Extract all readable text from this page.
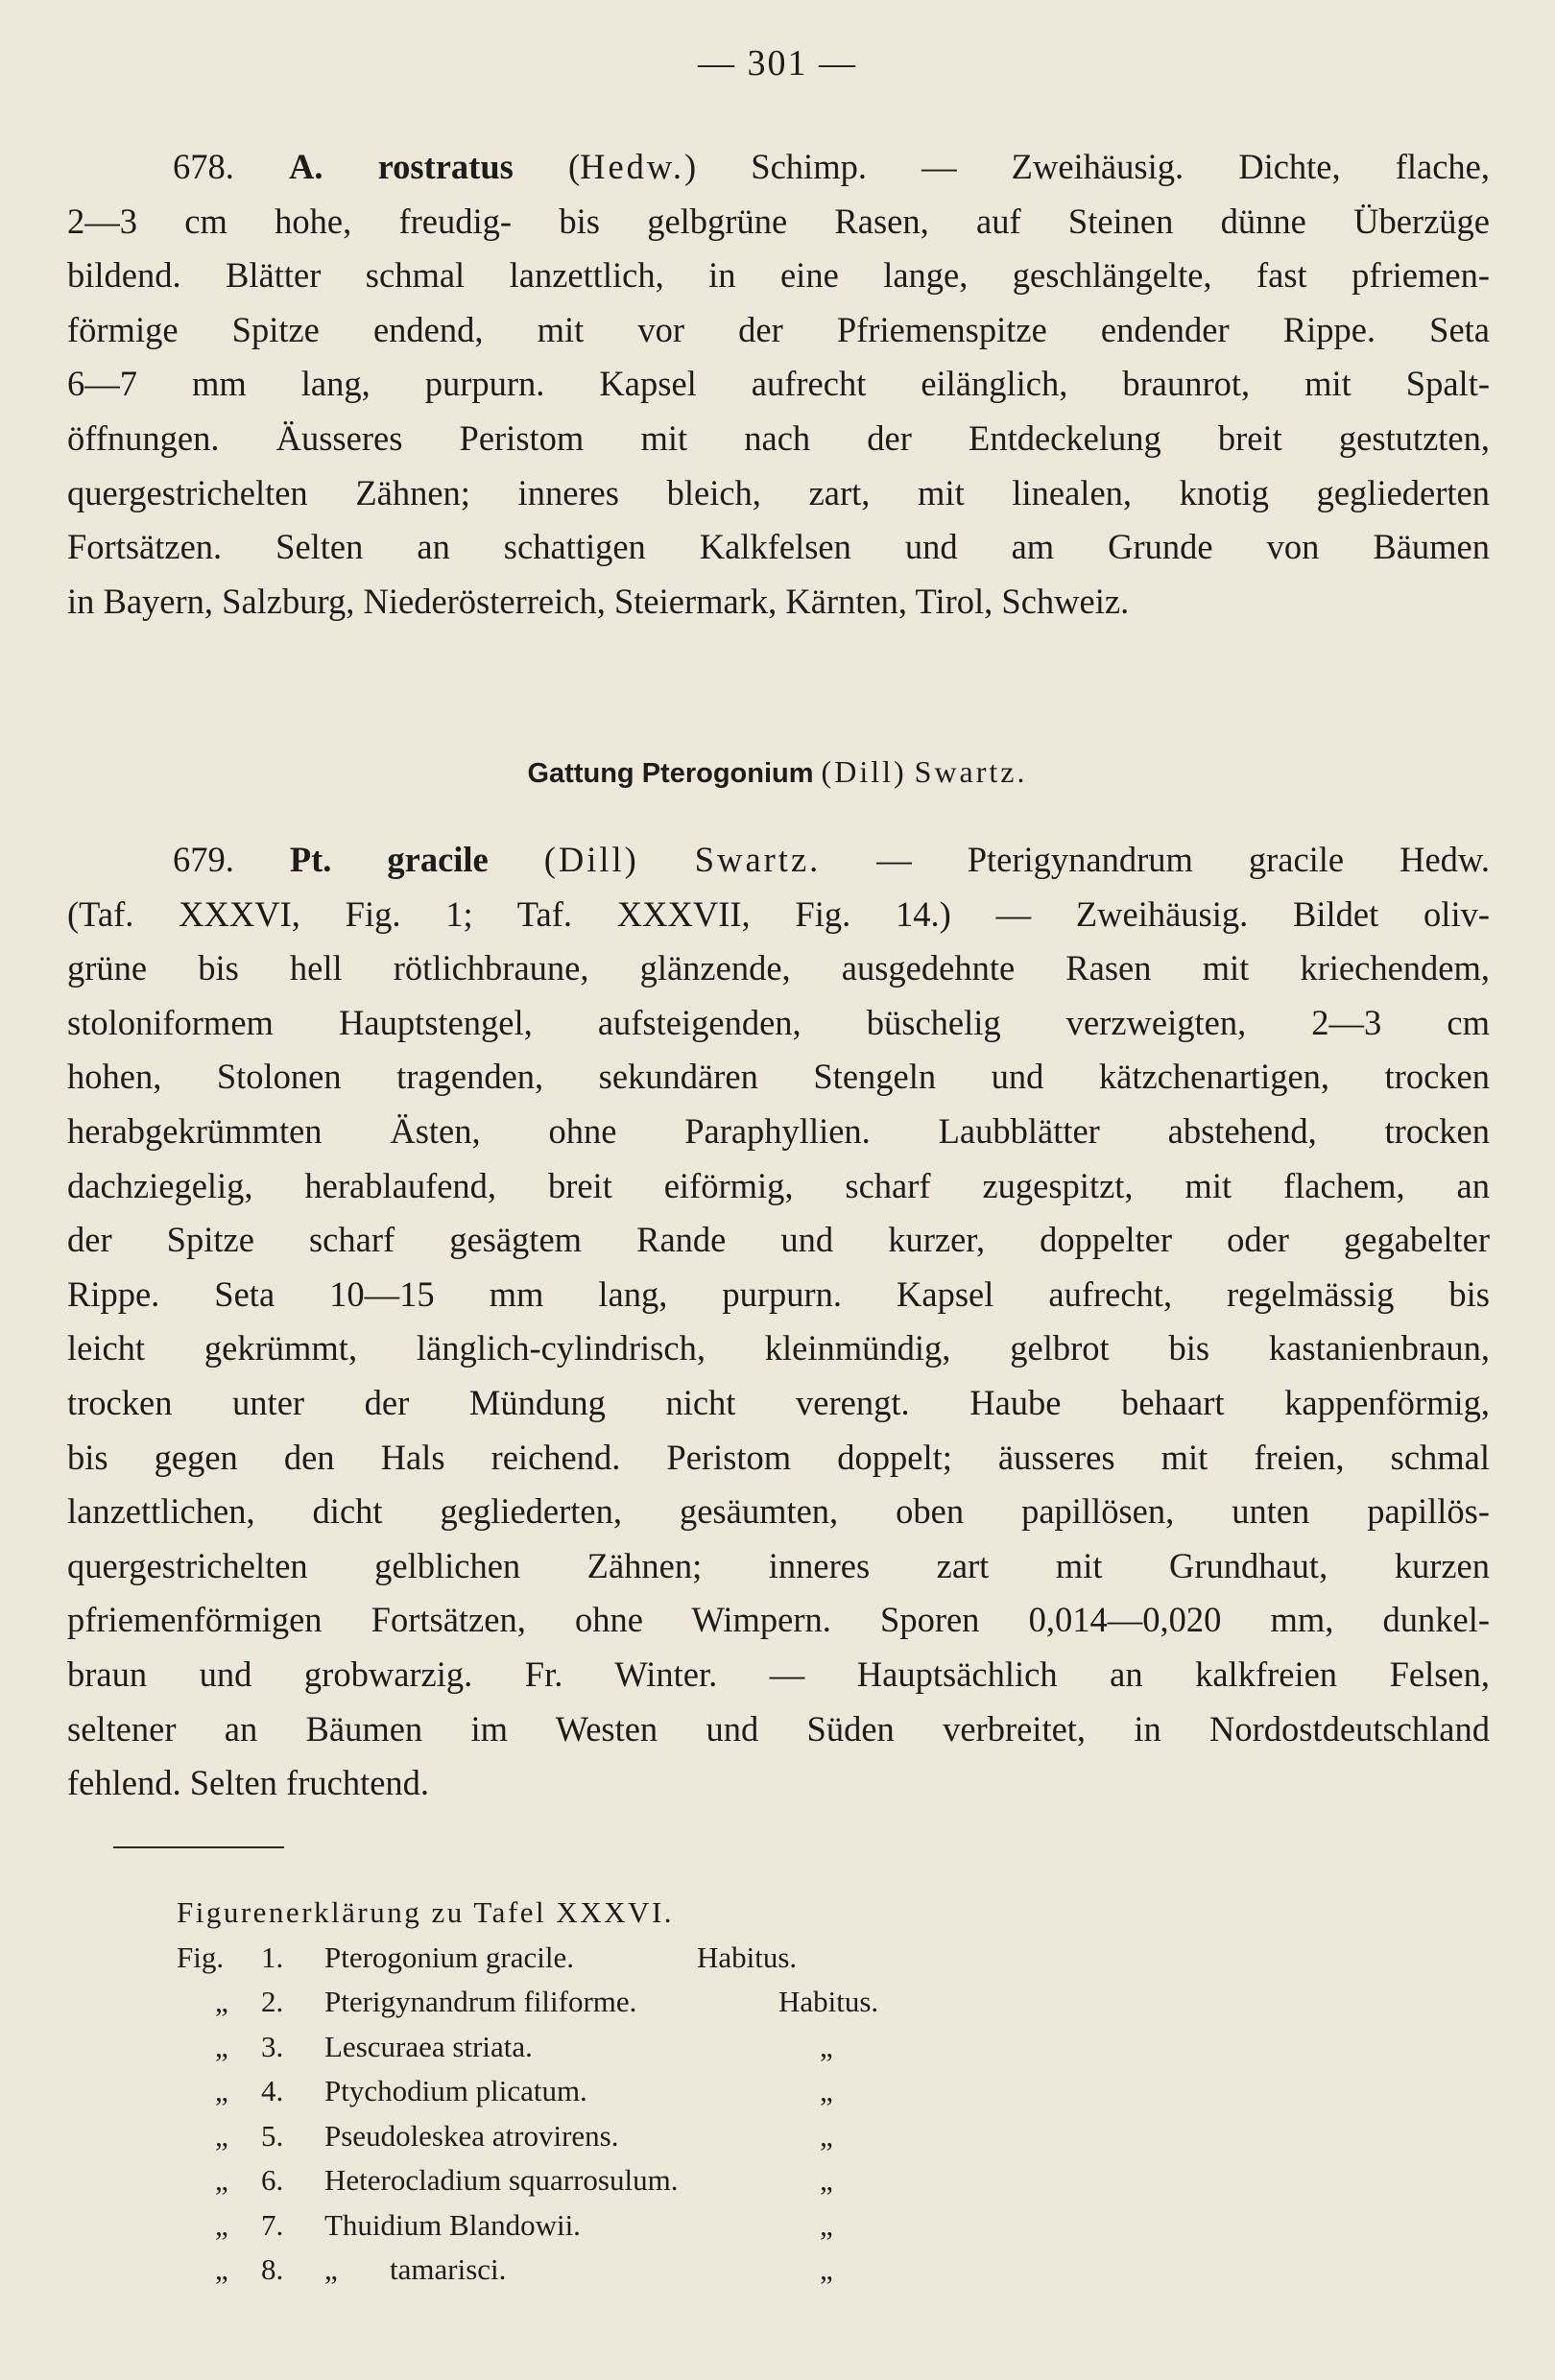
— 301 —
678. A. rostratus (Hedw.) Schimp. — Zweihäusig. Dichte, flache,
2—3 cm hohe, freudig- bis gelbgrüne Rasen, auf Steinen dünne Überzüge
bildend. Blätter schmal lanzettlich, in eine lange, geschlängelte, fast pfriemen-
förmige Spitze endend, mit vor der Pfriemenspitze endender Rippe. Seta
6—7 mm lang, purpurn. Kapsel aufrecht eilänglich, braunrot, mit Spalt-
öffnungen. Äusseres Peristom mit nach der Entdeckelung breit gestutzten,
quergestrichelten Zähnen; inneres bleich, zart, mit linealen, knotig gegliederten
Fortsätzen. Selten an schattigen Kalkfelsen und am Grunde von Bäumen
in Bayern, Salzburg, Niederösterreich, Steiermark, Kärnten, Tirol, Schweiz.
Gattung Pterogonium (Dill) Swartz.
679. Pt. gracile (Dill) Swartz. — Pterigynandrum gracile Hedw.
(Taf. XXXVI, Fig. 1; Taf. XXXVII, Fig. 14.) — Zweihäusig. Bildet oliv-
grüne bis hell rötlichbraune, glänzende, ausgedehnte Rasen mit kriechendem,
stoloniformem Hauptstengel, aufsteigenden, büschelig verzweigten, 2—3 cm
hohen, Stolonen tragenden, sekundären Stengeln und kätzchenartigen, trocken
herabgekrümmten Ästen, ohne Paraphyllien. Laubblätter abstehend, trocken
dachziegelig, herablaufend, breit eiförmig, scharf zugespitzt, mit flachem, an
der Spitze scharf gesägtem Rande und kurzer, doppelter oder gegabelter
Rippe. Seta 10—15 mm lang, purpurn. Kapsel aufrecht, regelmässig bis
leicht gekrümmt, länglich-cylindrisch, kleinmündig, gelbrot bis kastanienbraun,
trocken unter der Mündung nicht verengt. Haube behaart kappenförmig,
bis gegen den Hals reichend. Peristom doppelt; äusseres mit freien, schmal
lanzettlichen, dicht gegliederten, gesäumten, oben papillösen, unten papillös-
quergestrichelten gelblichen Zähnen; inneres zart mit Grundhaut, kurzen
pfriemenförmigen Fortsätzen, ohne Wimpern. Sporen 0,014—0,020 mm, dunkel-
braun und grobwarzig. Fr. Winter. — Hauptsächlich an kalkfreien Felsen,
seltener an Bäumen im Westen und Süden verbreitet, in Nordostdeutschland
fehlend. Selten fruchtend.
Figurenerklärung zu Tafel XXXVI.
Fig. 1. Pterogonium gracile.	Habitus.
„ 2. Pterigynandrum filiforme.	Habitus.
„ 3. Lescuraea striata.	„
„ 4. Ptychodium plicatum.	„
„ 5. Pseudoleskea atrovirens.	„
„ 6. Heterocladium squarrosulum.	„
„ 7. Thuidium Blandowii.	„
„ 8. „       tamarisci.	„
